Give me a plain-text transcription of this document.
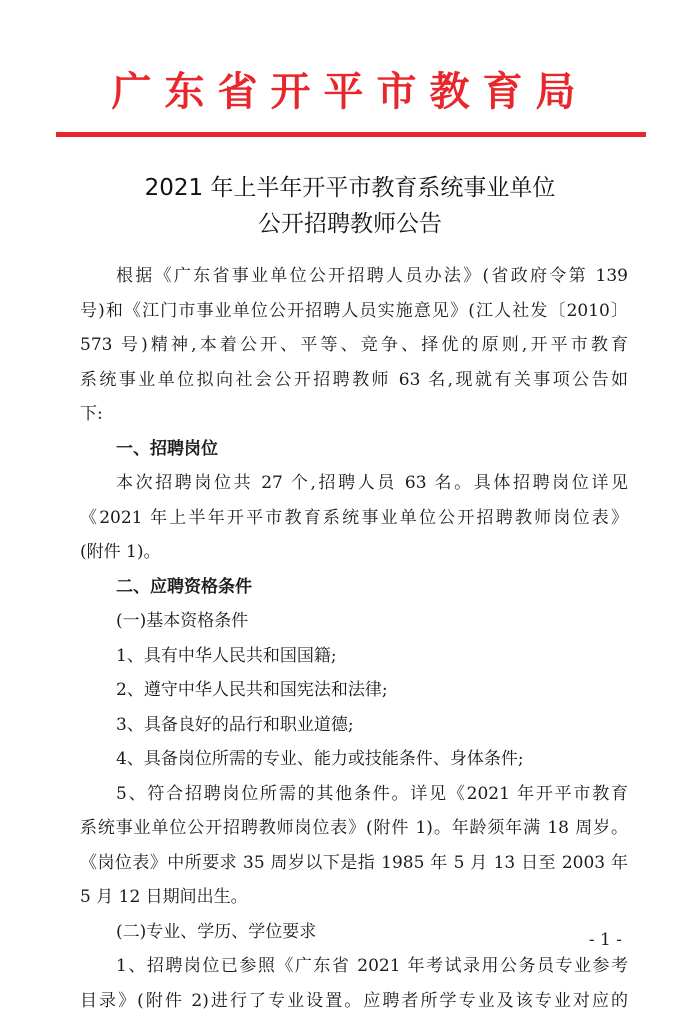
广东省开平市教育局
2021 年上半年开平市教育系统事业单位
公开招聘教师公告
根据《广东省事业单位公开招聘人员办法》(省政府令第 139
号)和《江门市事业单位公开招聘人员实施意见》(江人社发〔2010〕
573 号)精神,本着公开、平等、竞争、择优的原则,开平市教育
系统事业单位拟向社会公开招聘教师 63 名,现就有关事项公告如
下:
一、招聘岗位
本次招聘岗位共 27 个,招聘人员 63 名。具体招聘岗位详见
《2021 年上半年开平市教育系统事业单位公开招聘教师岗位表》
(附件 1)。
二、应聘资格条件
(一)基本资格条件
1、具有中华人民共和国国籍;
2、遵守中华人民共和国宪法和法律;
3、具备良好的品行和职业道德;
4、具备岗位所需的专业、能力或技能条件、身体条件;
5、符合招聘岗位所需的其他条件。详见《2021 年开平市教育
系统事业单位公开招聘教师岗位表》(附件 1)。年龄须年满 18 周岁。
《岗位表》中所要求 35 周岁以下是指 1985 年 5 月 13 日至 2003 年
5 月 12 日期间出生。
(二)专业、学历、学位要求
1、招聘岗位已参照《广东省 2021 年考试录用公务员专业参考
目录》(附件 2)进行了专业设置。应聘者所学专业及该专业对应的
- 1 -
